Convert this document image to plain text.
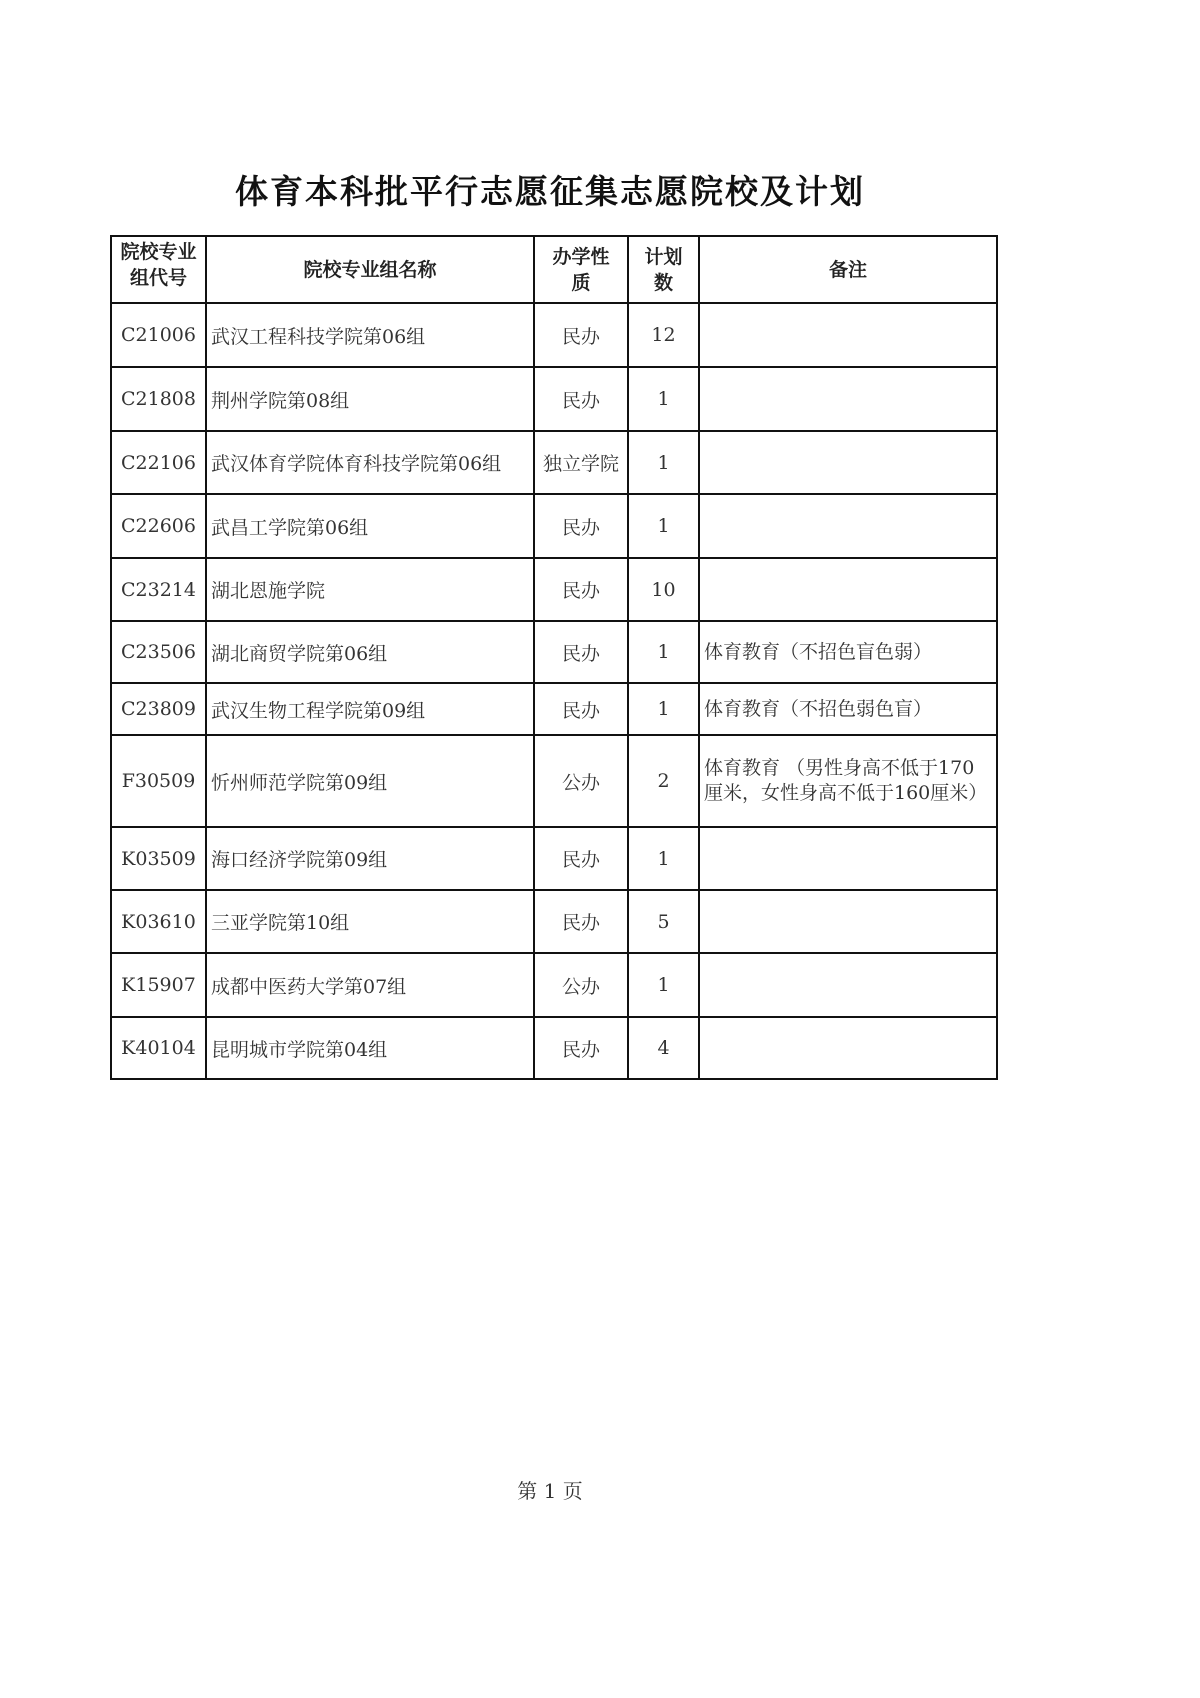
体育本科批平行志愿征集志愿院校及计划
院校专业组代号	院校专业组名称	办学性质	计划数	备注
C21006	武汉工程科技学院第06组	民办	12	
C21808	荆州学院第08组	民办	1	
C22106	武汉体育学院体育科技学院第06组	独立学院	1	
C22606	武昌工学院第06组	民办	1	
C23214	湖北恩施学院	民办	10	
C23506	湖北商贸学院第06组	民办	1	体育教育（不招色盲色弱）
C23809	武汉生物工程学院第09组	民办	1	体育教育（不招色弱色盲）
F30509	忻州师范学院第09组	公办	2	体育教育 （男性身高不低于170厘米，女性身高不低于160厘米）
K03509	海口经济学院第09组	民办	1	
K03610	三亚学院第10组	民办	5	
K15907	成都中医药大学第07组	公办	1	
K40104	昆明城市学院第04组	民办	4	
第 1 页
